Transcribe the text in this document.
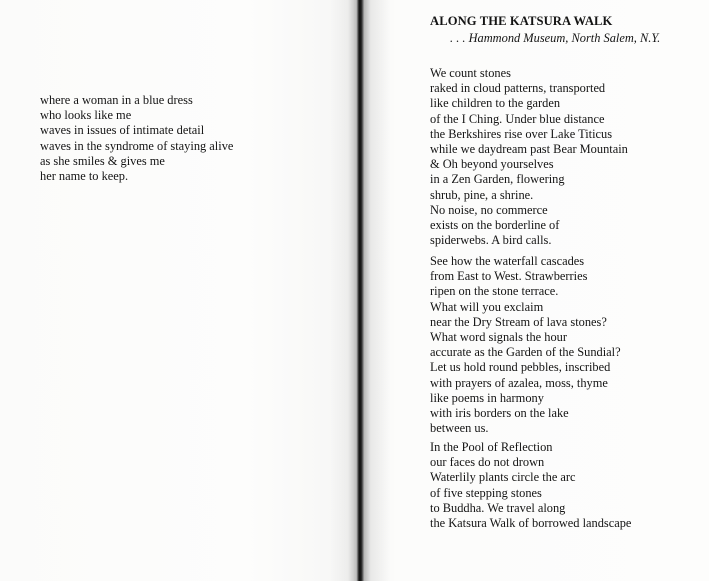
where a woman in a blue dress
who looks like me
waves in issues of intimate detail
waves in the syndrome of staying alive
as she smiles & gives me
her name to keep.
ALONG THE KATSURA WALK

. . . Hammond Museum, North Salem, N.Y.

We count stones
raked in cloud patterns, transported
like children to the garden
of the I Ching. Under blue distance
the Berkshires rise over Lake Titicus
while we daydream past Bear Mountain
& Oh beyond yourselves
in a Zen Garden, flowering
shrub, pine, a shrine.
No noise, no commerce
exists on the borderline of
spiderwebs. A bird calls.
See how the waterfall cascades
from East to West. Strawberries
ripen on the stone terrace.
What will you exclaim
near the Dry Stream of lava stones?
What word signals the hour
accurate as the Garden of the Sundial?
Let us hold round pebbles, inscribed
with prayers of azalea, moss, thyme
like poems in harmony
with iris borders on the lake
between us.
In the Pool of Reflection
our faces do not drown
Waterlily plants circle the arc
of five stepping stones
to Buddha. We travel along
the Katsura Walk of borrowed landscape
